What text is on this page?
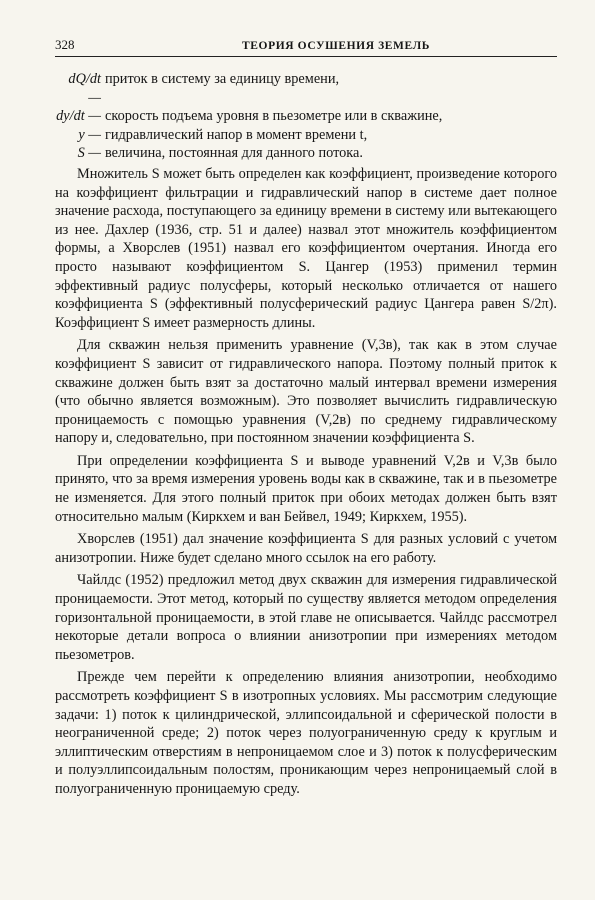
328	ТЕОРИЯ ОСУШЕНИЯ ЗЕМЕЛЬ
dQ/dt —
приток в систему за единицу времени,
dy/dt — скорость подъема уровня в пьезометре или в скважине,
y — гидравлический напор в момент времени t,
S — величина, постоянная для данного потока.

Множитель S может быть определен как коэффициент, произведение которого на коэффициент фильтрации и гидравлический напор в системе дает полное значение расхода, поступающего за единицу времени в систему или вытекающего из нее. Дахлер (1936, стр. 51 и далее) назвал этот множитель коэффициентом формы, а Хворслев (1951) назвал его коэффициентом очертания. Иногда его просто называют коэффициентом S. Цангер (1953) применил термин эффективный радиус полусферы, который несколько отличается от нашего коэффициента S (эффективный полусферический радиус Цангера равен S/2π). Коэффициент S имеет размерность длины.

Для скважин нельзя применить уравнение (V,3в), так как в этом случае коэффициент S зависит от гидравлического напора. Поэтому полный приток к скважине должен быть взят за достаточно малый интервал времени измерения (что обычно является возможным). Это позволяет вычислить гидравлическую проницаемость с помощью уравнения (V,2в) по среднему гидравлическому напору и, следовательно, при постоянном значении коэффициента S.

При определении коэффициента S и выводе уравнений V,2в и V,3в было принято, что за время измерения уровень воды как в скважине, так и в пьезометре не изменяется. Для этого полный приток при обоих методах должен быть взят относительно малым (Киркхем и ван Бейвел, 1949; Киркхем, 1955).

Хворслев (1951) дал значение коэффициента S для разных условий с учетом анизотропии. Ниже будет сделано много ссылок на его работу.

Чайлдс (1952) предложил метод двух скважин для измерения гидравлической проницаемости. Этот метод, который по существу является методом определения горизонтальной проницаемости, в этой главе не описывается. Чайлдс рассмотрел некоторые детали вопроса о влиянии анизотропии при измерениях методом пьезометров.

Прежде чем перейти к определению влияния анизотропии, необходимо рассмотреть коэффициент S в изотропных условиях. Мы рассмотрим следующие задачи: 1) поток к цилиндрической, эллипсоидальной и сферической полости в неограниченной среде; 2) поток через полуограниченную среду к круглым и эллиптическим отверстиям в непроницаемом слое и 3) поток к полусферическим и полуэллипсоидальным полостям, проникающим через непроницаемый слой в полуограниченную проницаемую среду.
